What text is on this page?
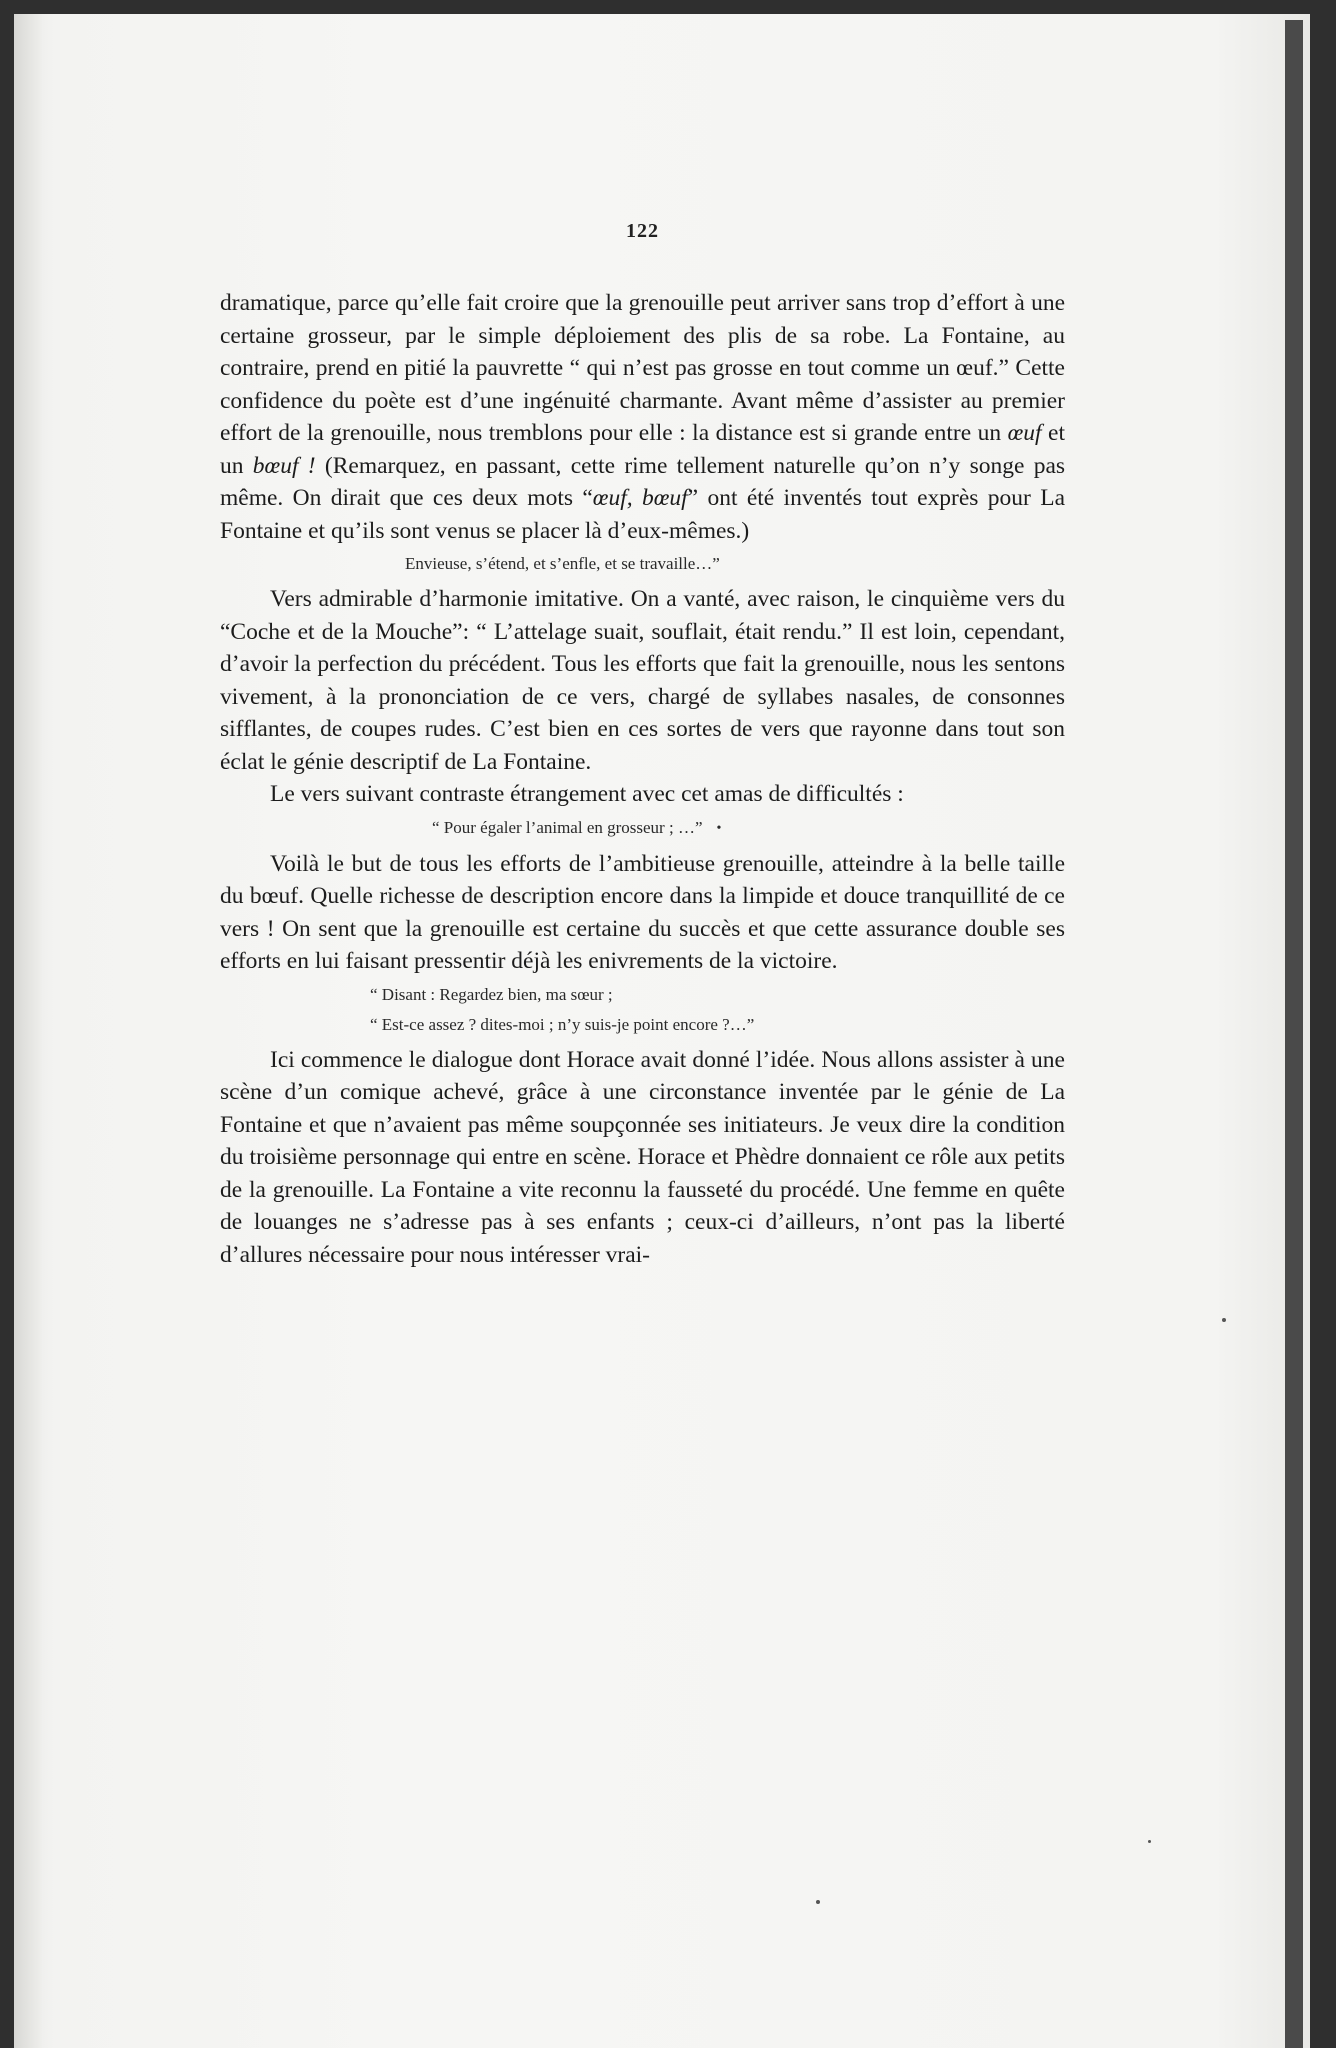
122

dramatique, parce qu’elle fait croire que la grenouille peut arriver sans trop d’effort à une certaine grosseur, par le simple déploiement des plis de sa robe. La Fontaine, au contraire, prend en pitié la pauvrette “ qui n’est pas grosse en tout comme un œuf.” Cette confidence du poète est d’une ingénuité charmante. Avant même d’assister au premier effort de la grenouille, nous tremblons pour elle : la distance est si grande entre un œuf et un bœuf ! (Remarquez, en passant, cette rime tellement naturelle qu’on n’y songe pas même. On dirait que ces deux mots “œuf, bœuf” ont été inventés tout exprès pour La Fontaine et qu’ils sont venus se placer là d’eux-mêmes.)

Envieuse, s’étend, et s’enfle, et se travaille…”

Vers admirable d’harmonie imitative. On a vanté, avec raison, le cinquième vers du “Coche et de la Mouche”: “ L’attelage suait, souflait, était rendu.” Il est loin, cependant, d’avoir la perfection du précédent. Tous les efforts que fait la grenouille, nous les sentons vivement, à la prononciation de ce vers, chargé de syllabes nasales, de consonnes sifflantes, de coupes rudes. C’est bien en ces sortes de vers que rayonne dans tout son éclat le génie descriptif de La Fontaine.

Le vers suivant contraste étrangement avec cet amas de difficultés :

“ Pour égaler l’animal en grosseur ; …” •

Voilà le but de tous les efforts de l’ambitieuse grenouille, atteindre à la belle taille du bœuf. Quelle richesse de description encore dans la limpide et douce tranquillité de ce vers ! On sent que la grenouille est certaine du succès et que cette assurance double ses efforts en lui faisant pressentir déjà les enivrements de la victoire.

“ Disant : Regardez bien, ma sœur ;
“ Est-ce assez ? dites-moi ; n’y suis-je point encore ?…”

Ici commence le dialogue dont Horace avait donné l’idée. Nous allons assister à une scène d’un comique achevé, grâce à une circonstance inventée par le génie de La Fontaine et que n’avaient pas même soupçonnée ses initiateurs. Je veux dire la condition du troisième personnage qui entre en scène. Horace et Phèdre donnaient ce rôle aux petits de la grenouille. La Fontaine a vite reconnu la fausseté du procédé. Une femme en quête de louanges ne s’adresse pas à ses enfants ; ceux-ci d’ailleurs, n’ont pas la liberté d’allures nécessaire pour nous intéresser vrai-
